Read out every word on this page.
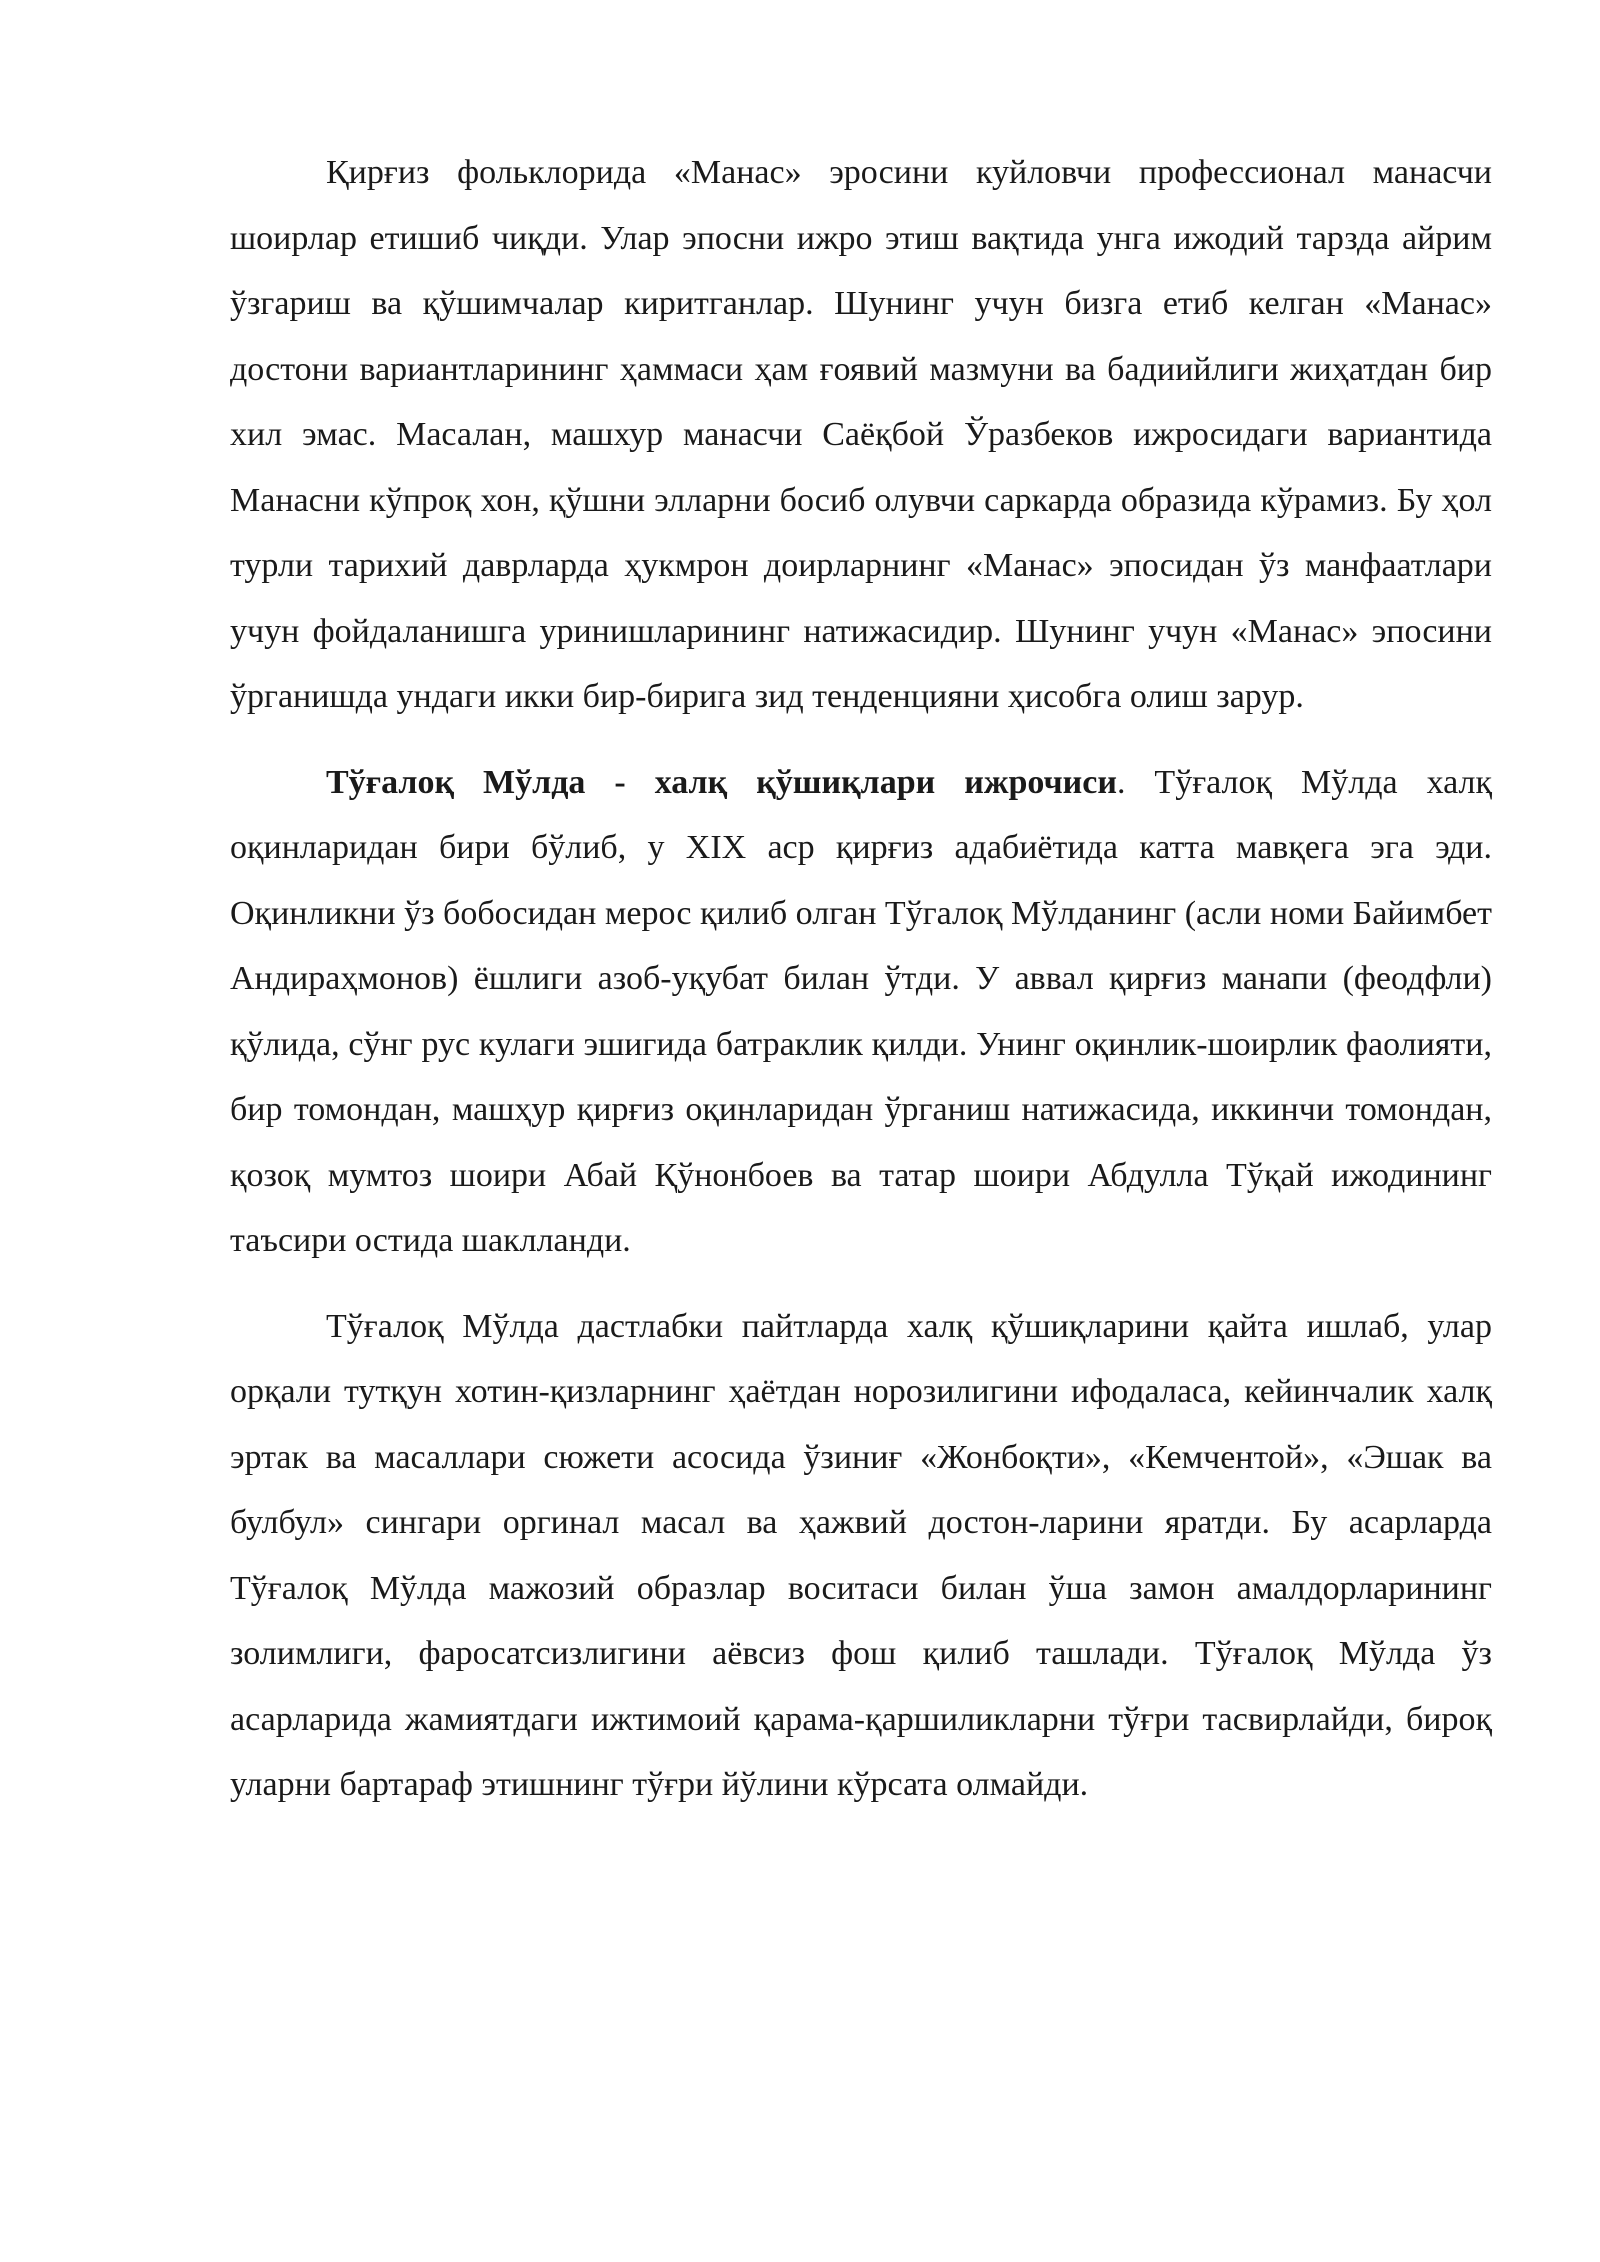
Қирғиз фольклорида «Манас» эросини куйловчи профессионал манасчи шоирлар етишиб чиқди. Улар эпосни ижро этиш вақтида унга ижодий тарзда айрим ўзгариш ва қўшимчалар киритганлар. Шунинг учун бизга етиб келган «Манас» достони вариантларининг ҳаммаси ҳам ғоявий мазмуни ва бадиийлиги жиҳатдан бир хил эмас. Масалан, машхур манасчи Саёқбой Ўразбеков ижросидаги вариантида Манасни кўпроқ хон, қўшни элларни босиб олувчи саркарда образида кўрамиз. Бу ҳол турли тарихий даврларда ҳукмрон доирларнинг «Манас» эпосидан ўз манфаатлари учун фойдаланишга уринишларининг натижасидир. Шунинг учун «Манас» эпосини ўрганишда ундаги икки бир-бирига зид тенденцияни ҳисобга олиш зарур.

Тўғалоқ Мўлда - халқ қўшиқлари ижрочиси. Тўғалоқ Мўлда халқ оқинларидан бири бўлиб, у XIX аср қирғиз адабиётида катта мавқега эга эди. Оқинликни ўз бобосидан мерос қилиб олган Тўгалоқ Мўлданинг (асли номи Байимбет Андираҳмонов) ёшлиги азоб-уқубат билан ўтди. У аввал қирғиз манапи (феодфли) қўлида, сўнг рус кулаги эшигида батраклик қилди. Унинг оқинлик-шоирлик фаолияти, бир томондан, машҳур қирғиз оқинларидан ўрганиш натижасида, иккинчи томондан, қозоқ мумтоз шоири Абай Қўнонбоев ва татар шоири Абдулла Тўқай ижодининг таъсири остида шаклланди.

Тўғалоқ Мўлда дастлабки пайтларда халқ қўшиқларини қайта ишлаб, улар орқали тутқун хотин-қизларнинг ҳаётдан норозилигини ифодаласа, кейинчалик халқ эртак ва масаллари сюжети асосида ўзиниғ «Жонбоқти», «Кемчентой», «Эшак ва булбул» сингари оргинал масал ва ҳажвий достон-ларини яратди. Бу асарларда Тўғалоқ Мўлда мажозий образлар воситаси билан ўша замон амалдорларининг золимлиги, фаросатсизлигини аёвсиз фош қилиб ташлади. Тўғалоқ Мўлда ўз асарларида жамиятдаги ижтимоий қарама-қаршиликларни тўғри тасвирлайди, бироқ уларни бартараф этишнинг тўғри йўлини кўрсата олмайди.
